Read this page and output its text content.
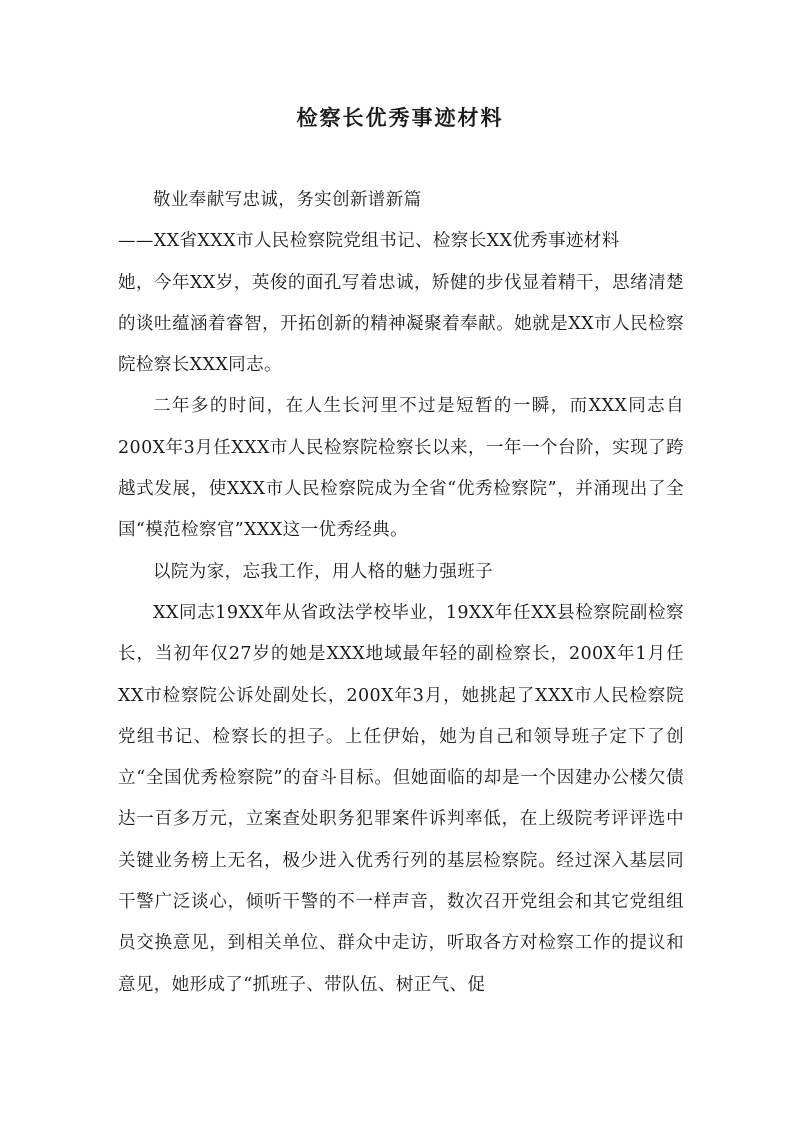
检察长优秀事迹材料

敬业奉献写忠诚，务实创新谱新篇

——XX省XXX市人民检察院党组书记、检察长XX优秀事迹材料

她，今年XX岁，英俊的面孔写着忠诚，矫健的步伐显着精干，思绪清楚的谈吐蕴涵着睿智，开拓创新的精神凝聚着奉献。她就是XX市人民检察院检察长XXX同志。

二年多的时间，在人生长河里不过是短暂的一瞬，而XXX同志自200X年3月任XXX市人民检察院检察长以来，一年一个台阶，实现了跨越式发展，使XXX市人民检察院成为全省“优秀检察院”，并涌现出了全国“模范检察官”XXX这一优秀经典。

以院为家，忘我工作，用人格的魅力强班子

XX同志19XX年从省政法学校毕业，19XX年任XX县检察院副检察长，当初年仅27岁的她是XXX地域最年轻的副检察长，200X年1月任XX市检察院公诉处副处长，200X年3月，她挑起了XXX市人民检察院党组书记、检察长的担子。上任伊始，她为自己和领导班子定下了创立“全国优秀检察院”的奋斗目标。但她面临的却是一个因建办公楼欠债达一百多万元，立案查处职务犯罪案件诉判率低，在上级院考评评选中关键业务榜上无名，极少进入优秀行列的基层检察院。经过深入基层同干警广泛谈心，倾听干警的不一样声音，数次召开党组会和其它党组组员交换意见，到相关单位、群众中走访，听取各方对检察工作的提议和意见，她形成了“抓班子、带队伍、树正气、促
